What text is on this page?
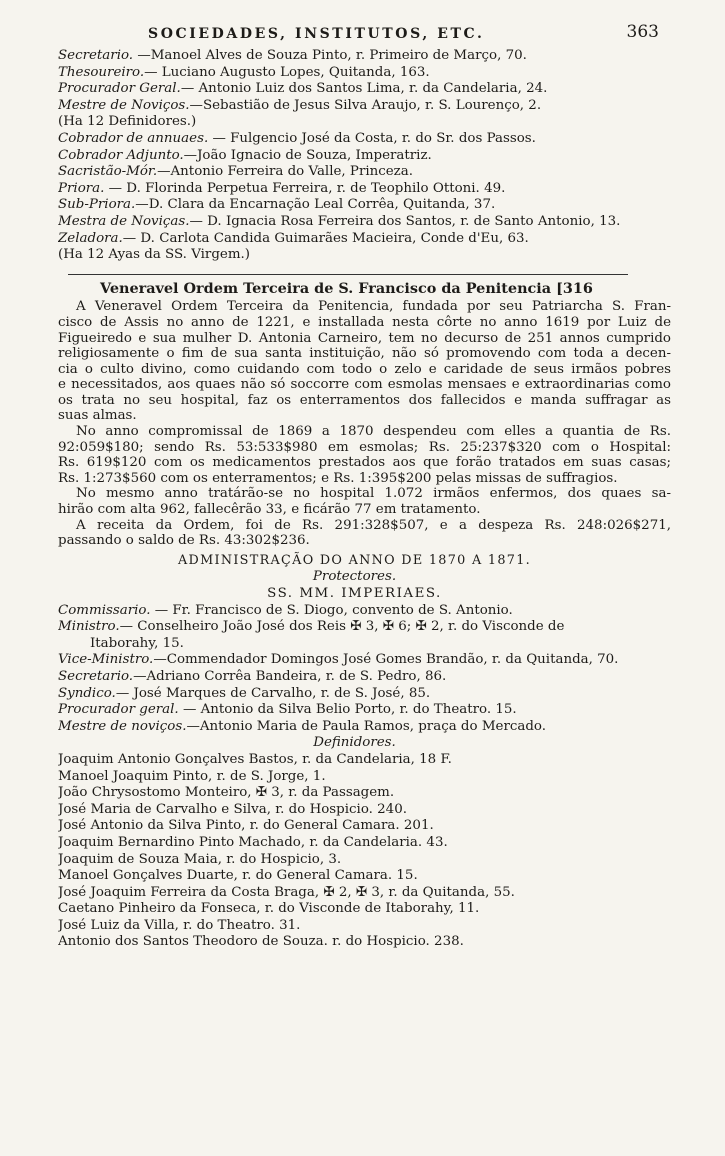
SOCIEDADES, INSTITUTOS, ETC.	363
Secretario. —Manoel Alves de Souza Pinto, r. Primeiro de Março, 70.
Thesoureiro.— Luciano Augusto Lopes, Quitanda, 163.
Procurador Geral.— Antonio Luiz dos Santos Lima, r. da Candelaria, 24.
Mestre de Noviços.—Sebastião de Jesus Silva Araujo, r. S. Lourenço, 2.
(Ha 12 Definidores.)
Cobrador de annuaes. — Fulgencio José da Costa, r. do Sr. dos Passos.
Cobrador Adjunto.—João Ignacio de Souza, Imperatriz.
Sacristão-Mór.—Antonio Ferreira do Valle, Princeza.
Priora. — D. Florinda Perpetua Ferreira, r. de Teophilo Ottoni. 49.
Sub-Priora.—D. Clara da Encarnação Leal Corrêa, Quitanda, 37.
Mestra de Noviças.— D. Ignacia Rosa Ferreira dos Santos, r. de Santo Antonio, 13.
Zeladora.— D. Carlota Candida Guimarães Macieira, Conde d'Eu, 63.
(Ha 12 Ayas da SS. Virgem.)
Veneravel Ordem Terceira de S. Francisco da Penitencia [316
A Veneravel Ordem Terceira da Penitencia, fundada por seu Patriarcha S. Fran-
cisco de Assis no anno de 1221, e installada nesta côrte no anno 1619 por Luiz de
Figueiredo e sua mulher D. Antonia Carneiro, tem no decurso de 251 annos cumprido
religiosamente o fim de sua santa instituição, não só promovendo com toda a decen-
cia o culto divino, como cuidando com todo o zelo e caridade de seus irmãos pobres
e necessitados, aos quaes não só soccorre com esmolas mensaes e extraordinarias como
os trata no seu hospital, faz os enterramentos dos fallecidos e manda suffragar as
suas almas.
No anno compromissal de 1869 a 1870 despendeu com elles a quantia de Rs.
92:059$180; sendo Rs. 53:533$980 em esmolas; Rs. 25:237$320 com o Hospital:
Rs. 619$120 com os medicamentos prestados aos que forão tratados em suas casas;
Rs. 1:273$560 com os enterramentos; e Rs. 1:395$200 pelas missas de suffragios.
No mesmo anno tratárão-se no hospital 1.072 irmãos enfermos, dos quaes sa-
hirão com alta 962, fallecêrão 33, e ficárão 77 em tratamento.
A receita da Ordem, foi de Rs. 291:328$507, e a despeza Rs. 248:026$271,
passando o saldo de Rs. 43:302$236.
ADMINISTRAÇÃO DO ANNO DE 1870 A 1871.
Protectores.
SS. MM. IMPERIAES.
Commissario. — Fr. Francisco de S. Diogo, convento de S. Antonio.
Ministro.— Conselheiro João José dos Reis ✠ 3, ✠ 6; ✠ 2, r. do Visconde de
Itaborahy, 15.
Vice-Ministro.—Commendador Domingos José Gomes Brandão, r. da Quitanda, 70.
Secretario.—Adriano Corrêa Bandeira, r. de S. Pedro, 86.
Syndico.— José Marques de Carvalho, r. de S. José, 85.
Procurador geral. — Antonio da Silva Belio Porto, r. do Theatro. 15.
Mestre de noviços.—Antonio Maria de Paula Ramos, praça do Mercado.
Definidores.
Joaquim Antonio Gonçalves Bastos, r. da Candelaria, 18 F.
Manoel Joaquim Pinto, r. de S. Jorge, 1.
João Chrysostomo Monteiro, ✠ 3, r. da Passagem.
José Maria de Carvalho e Silva, r. do Hospicio. 240.
José Antonio da Silva Pinto, r. do General Camara. 201.
Joaquim Bernardino Pinto Machado, r. da Candelaria. 43.
Joaquim de Souza Maia, r. do Hospicio, 3.
Manoel Gonçalves Duarte, r. do General Camara. 15.
José Joaquim Ferreira da Costa Braga, ✠ 2, ✠ 3, r. da Quitanda, 55.
Caetano Pinheiro da Fonseca, r. do Visconde de Itaborahy, 11.
José Luiz da Villa, r. do Theatro. 31.
Antonio dos Santos Theodoro de Souza. r. do Hospicio. 238.
